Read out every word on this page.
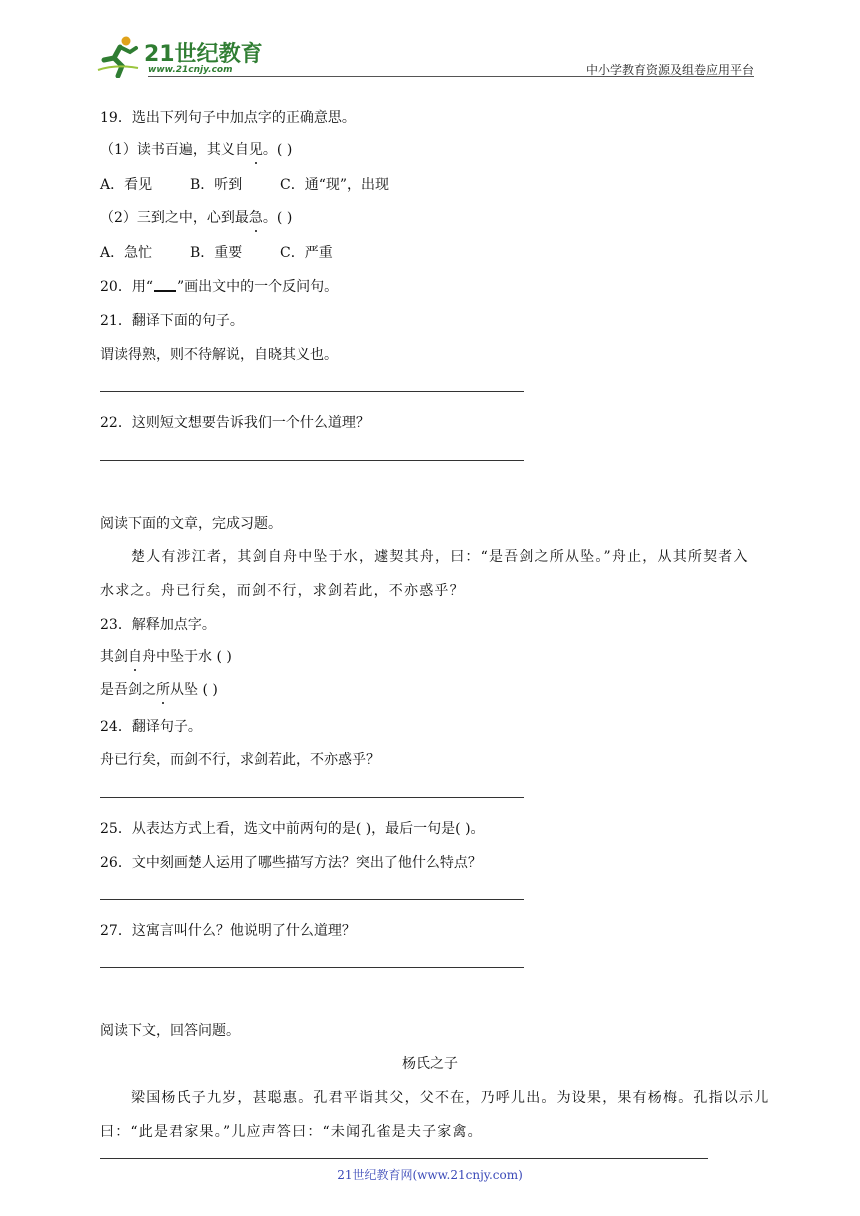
21世纪教育
www.21cnjy.com	中小学教育资源及组卷应用平台
19．选出下列句子中加点字的正确意思。
（1）读书百遍，其义自见。( )
A．看见	B．听到	C．通“现”，出现
（2）三到之中，心到最急。( )
A．急忙	B．重要	C．严重
20．用“ ”画出文中的一个反问句。
21．翻译下面的句子。
谓读得熟，则不待解说，自晓其义也。
22．这则短文想要告诉我们一个什么道理？
阅读下面的文章，完成习题。
楚人有涉江者，其剑自舟中坠于水，遽契其舟，曰：“是吾剑之所从坠。”舟止，从其所契者入
水求之。舟已行矣，而剑不行，求剑若此，不亦惑乎？
23．解释加点字。
其剑自舟中坠于水 ( )
是吾剑之所从坠 ( )
24．翻译句子。
舟已行矣，而剑不行，求剑若此，不亦惑乎？
25．从表达方式上看，选文中前两句的是( )，最后一句是( )。
26．文中刻画楚人运用了哪些描写方法？突出了他什么特点？
27．这寓言叫什么？他说明了什么道理？
阅读下文，回答问题。
杨氏之子
梁国杨氏子九岁，甚聪惠。孔君平诣其父，父不在，乃呼儿出。为设果，果有杨梅。孔指以示儿
曰：“此是君家果。”儿应声答曰：“未闻孔雀是夫子家禽。
21世纪教育网(www.21cnjy.com)
